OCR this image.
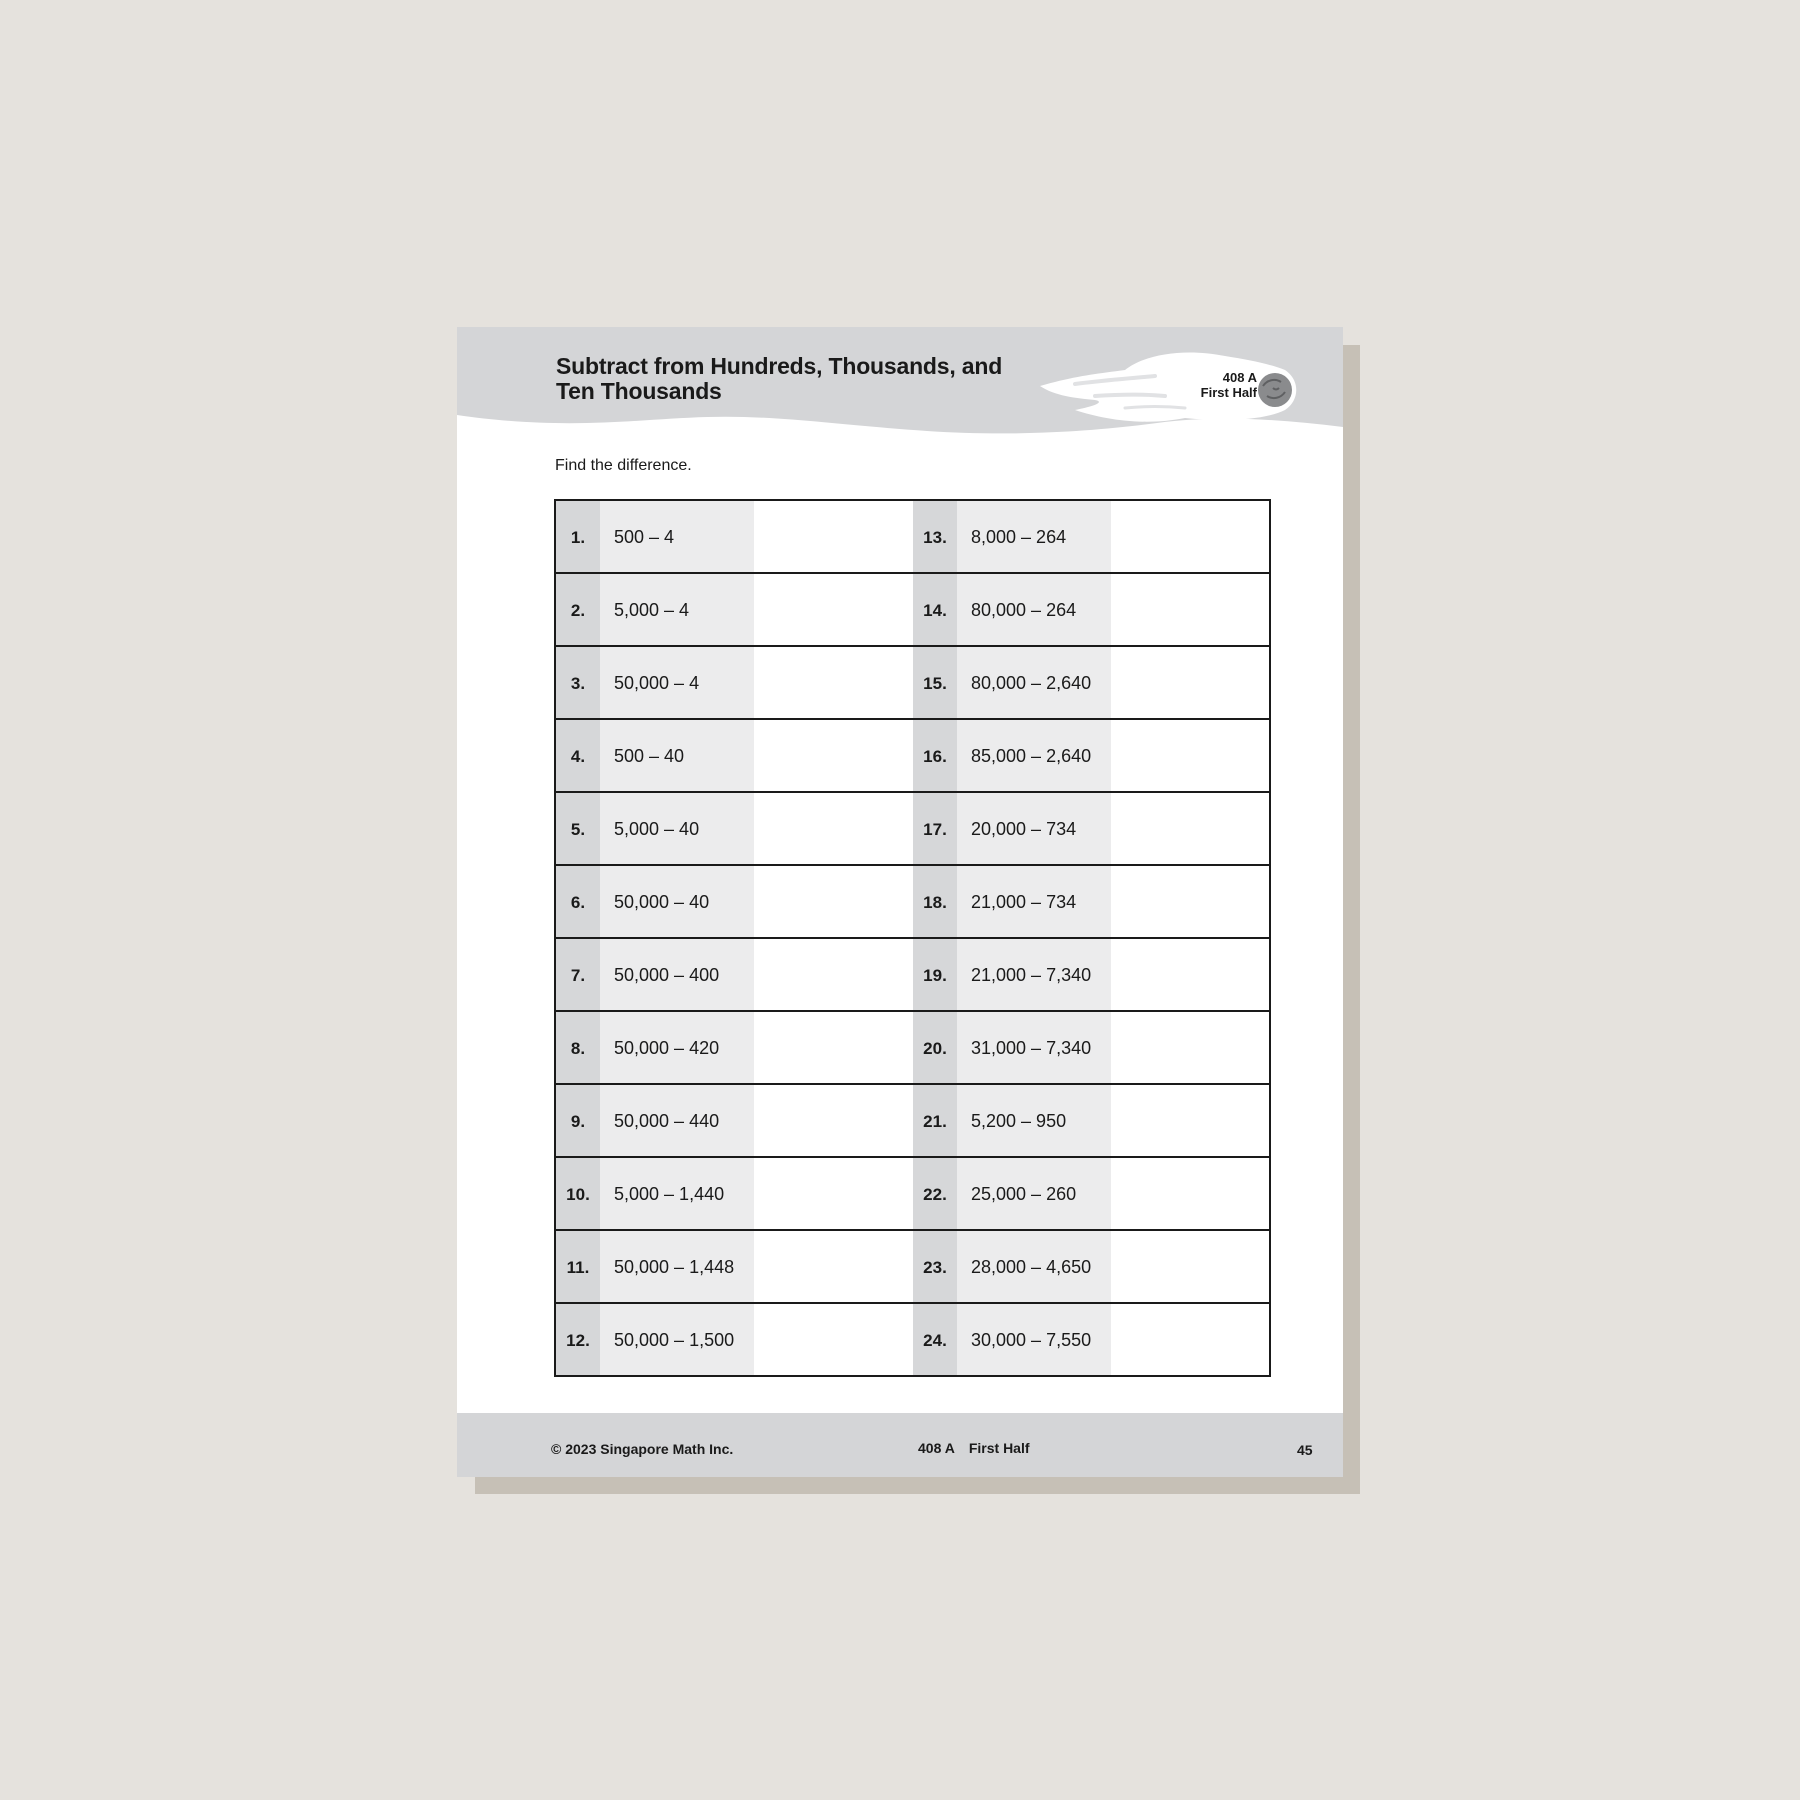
Subtract from Hundreds, Thousands, and
Ten Thousands
408 A
First Half
Find the difference.
1.	500 – 4
2.	5,000 – 4
3.	50,000 – 4
4.	500 – 40
5.	5,000 – 40
6.	50,000 – 40
7.	50,000 – 400
8.	50,000 – 420
9.	50,000 – 440
10.	5,000 – 1,440
11.	50,000 – 1,448
12.	50,000 – 1,500
13.	8,000 – 264
14.	80,000 – 264
15.	80,000 – 2,640
16.	85,000 – 2,640
17.	20,000 – 734
18.	21,000 – 734
19.	21,000 – 7,340
20.	31,000 – 7,340
21.	5,200 – 950
22.	25,000 – 260
23.	28,000 – 4,650
24.	30,000 – 7,550
© 2023 Singapore Math Inc.	408 A First Half	45
